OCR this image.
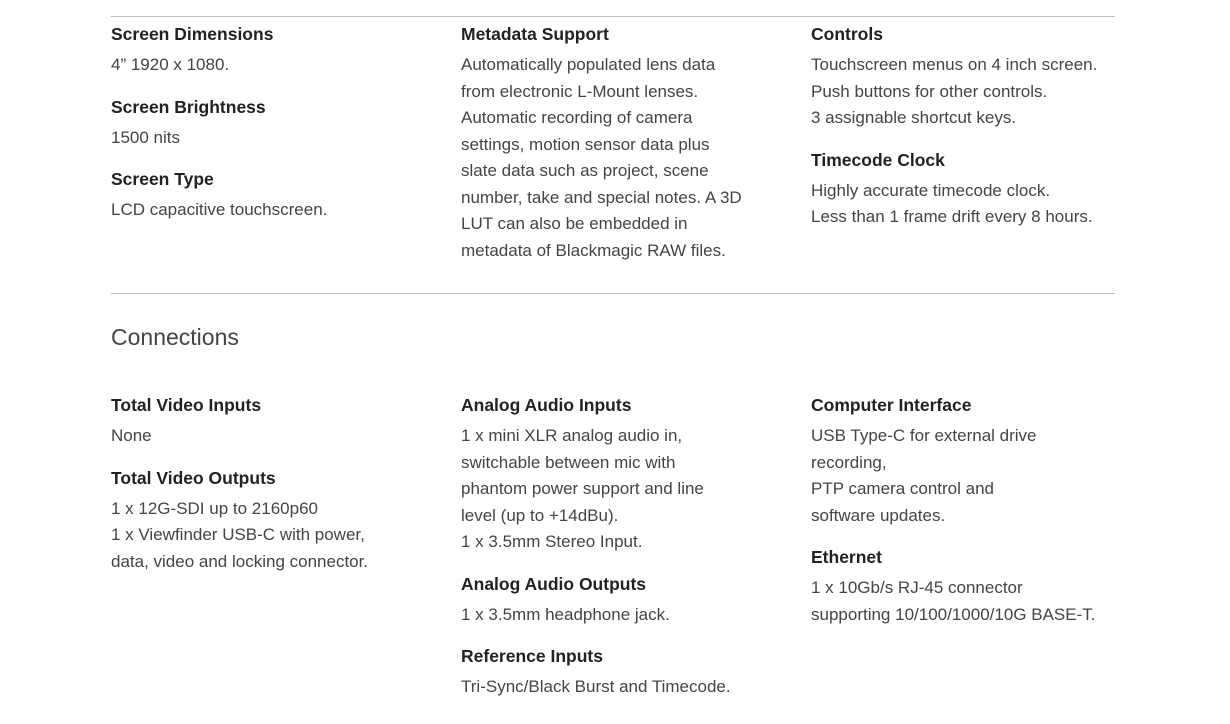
Screen Dimensions

4” 1920 x 1080.

Screen Brightness

1500 nits

Screen Type

LCD capacitive touchscreen.

Metadata Support

Automatically populated lens data

from electronic L-Mount lenses.

Automatic recording of camera

settings, motion sensor data plus

slate data such as project, scene

number, take and special notes. A 3D

LUT can also be embedded in

metadata of Blackmagic RAW files.

Controls

Touchscreen menus on 4 inch screen.

Push buttons for other controls.

3 assignable shortcut keys.

Timecode Clock

Highly accurate timecode clock.

Less than 1 frame drift every 8 hours.

Connections
Total Video Inputs

None

Total Video Outputs

1 x 12G-SDI up to 2160p60

1 x Viewfinder USB-C with power,

data, video and locking connector.

Analog Audio Inputs

1 x mini XLR analog audio in,

switchable between mic with

phantom power support and line

level (up to +14dBu).

1 x 3.5mm Stereo Input.

Analog Audio Outputs

1 x 3.5mm headphone jack.

Reference Inputs

Tri-Sync/Black Burst and Timecode.

Computer Interface

USB Type-C for external drive

recording,

PTP camera control and

software updates.

Ethernet

1 x 10Gb/s RJ-45 connector

supporting 10/100/1000/10G BASE-T.
